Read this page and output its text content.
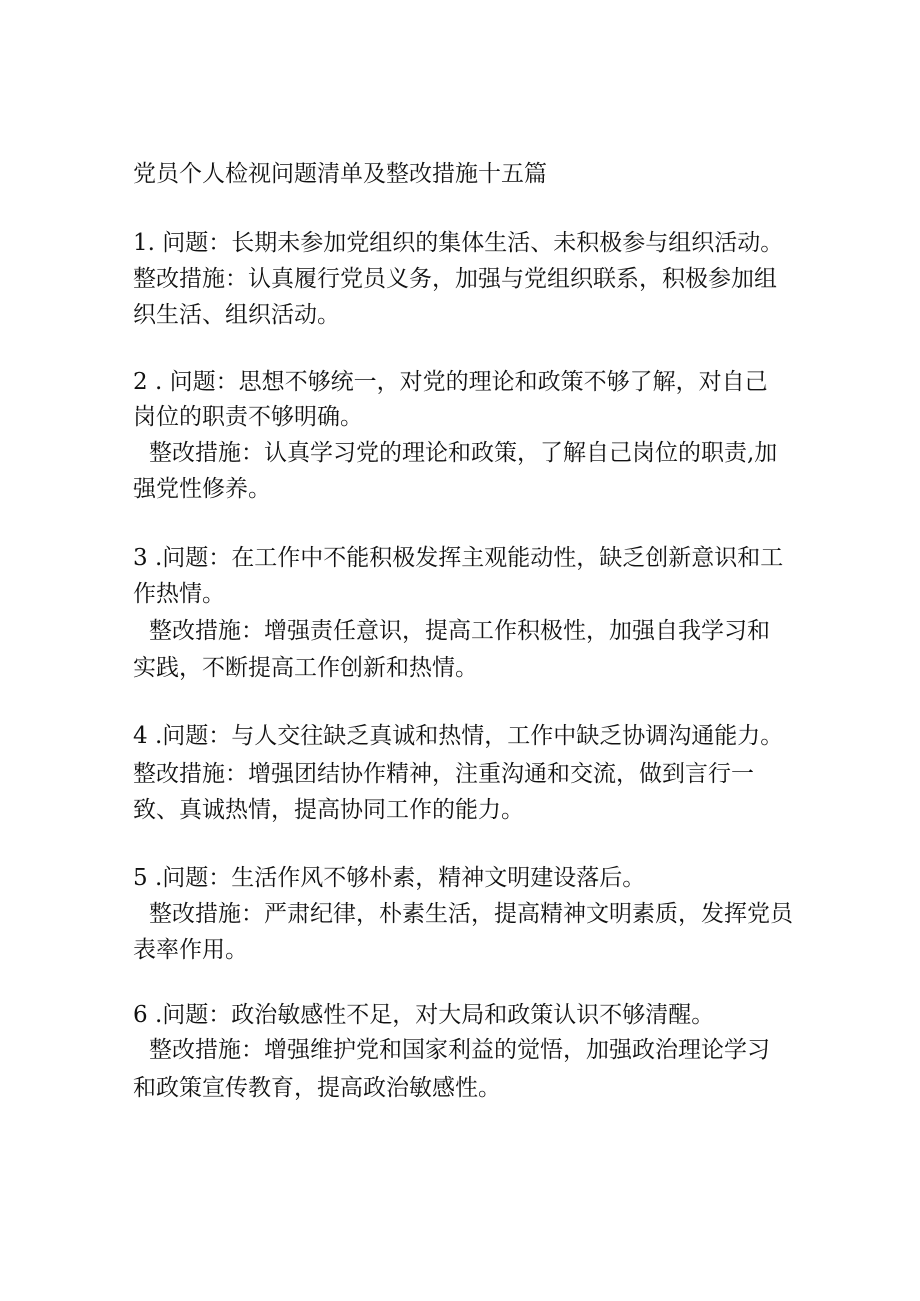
党员个人检视问题清单及整改措施十五篇
1. 问题：长期未参加党组织的集体生活、未积极参与组织活动。
整改措施：认真履行党员义务，加强与党组织联系，积极参加组
织生活、组织活动。
2 . 问题：思想不够统一，对党的理论和政策不够了解，对自己
岗位的职责不够明确。
整改措施：认真学习党的理论和政策，了解自己岗位的职责,加
强党性修养。
3 .问题：在工作中不能积极发挥主观能动性，缺乏创新意识和工
作热情。
整改措施：增强责任意识，提高工作积极性，加强自我学习和
实践，不断提高工作创新和热情。
4 .问题：与人交往缺乏真诚和热情，工作中缺乏协调沟通能力。
整改措施：增强团结协作精神，注重沟通和交流，做到言行一
致、真诚热情，提高协同工作的能力。
5 .问题：生活作风不够朴素，精神文明建设落后。
整改措施：严肃纪律，朴素生活，提高精神文明素质，发挥党员
表率作用。
6 .问题：政治敏感性不足，对大局和政策认识不够清醒。
整改措施：增强维护党和国家利益的觉悟，加强政治理论学习
和政策宣传教育，提高政治敏感性。
